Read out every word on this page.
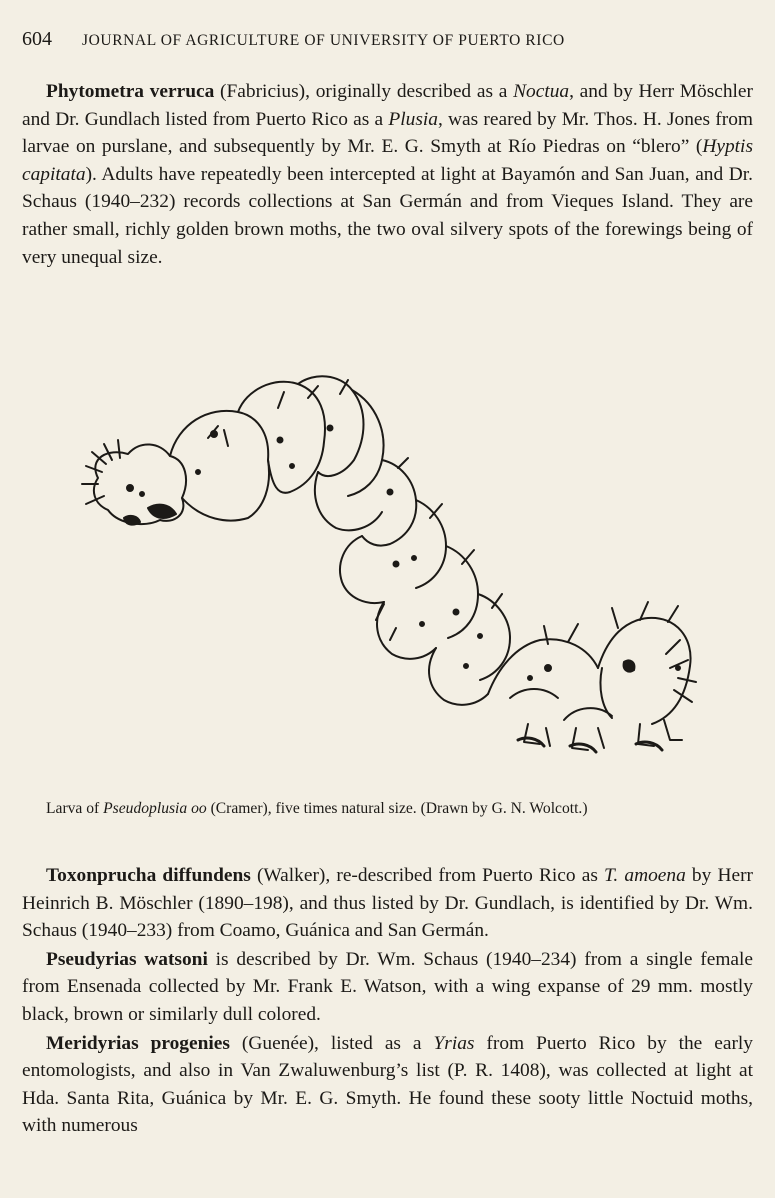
604 JOURNAL OF AGRICULTURE OF UNIVERSITY OF PUERTO RICO

Phytometra verruca (Fabricius), originally described as a Noctua, and by Herr Möschler and Dr. Gundlach listed from Puerto Rico as a Plusia, was reared by Mr. Thos. H. Jones from larvae on purslane, and subsequently by Mr. E. G. Smyth at Río Piedras on “blero” (Hyptis capitata). Adults have repeatedly been intercepted at light at Bayamón and San Juan, and Dr. Schaus (1940–232) records collections at San Germán and from Vieques Island. They are rather small, richly golden brown moths, the two oval silvery spots of the forewings being of very unequal size.

Larva of Pseudoplusia oo (Cramer), five times natural size. (Drawn by G. N. Wolcott.)

Toxonprucha diffundens (Walker), re-described from Puerto Rico as T. amoena by Herr Heinrich B. Möschler (1890–198), and thus listed by Dr. Gundlach, is identified by Dr. Wm. Schaus (1940–233) from Coamo, Guánica and San Germán.

Pseudyrias watsoni is described by Dr. Wm. Schaus (1940–234) from a single female from Ensenada collected by Mr. Frank E. Watson, with a wing expanse of 29 mm. mostly black, brown or similarly dull colored.

Meridyrias progenies (Guenée), listed as a Yrias from Puerto Rico by the early entomologists, and also in Van Zwaluwenburg’s list (P. R. 1408), was collected at light at Hda. Santa Rita, Guánica by Mr. E. G. Smyth. He found these sooty little Noctuid moths, with numerous
